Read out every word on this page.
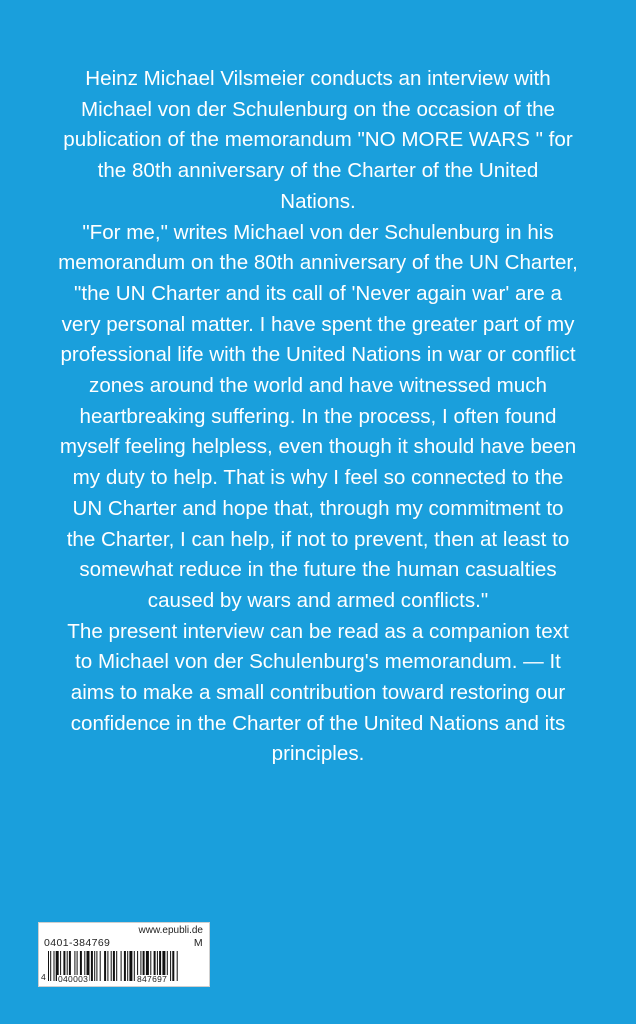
Heinz Michael Vilsmeier conducts an interview with Michael von der Schulenburg on the occasion of the publication of the memorandum "NO MORE WARS " for the 80th anniversary of the Charter of the United Nations.

"For me," writes Michael von der Schulenburg in his memorandum on the 80th anniversary of the UN Charter, "the UN Charter and its call of 'Never again war' are a very personal matter. I have spent the greater part of my professional life with the United Nations in war or conflict zones around the world and have witnessed much heartbreaking suffering. In the process, I often found myself feeling helpless, even though it should have been my duty to help. That is why I feel so connected to the UN Charter and hope that, through my commitment to the Charter, I can help, if not to prevent, then at least to somewhat reduce in the future the human casualties caused by wars and armed conflicts."

The present interview can be read as a companion text to Michael von der Schulenburg's memorandum. — It aims to make a small contribution toward restoring our confidence in the Charter of the United Nations and its principles.

www.epubli.de
0401-384769	M
4 040003	847697
